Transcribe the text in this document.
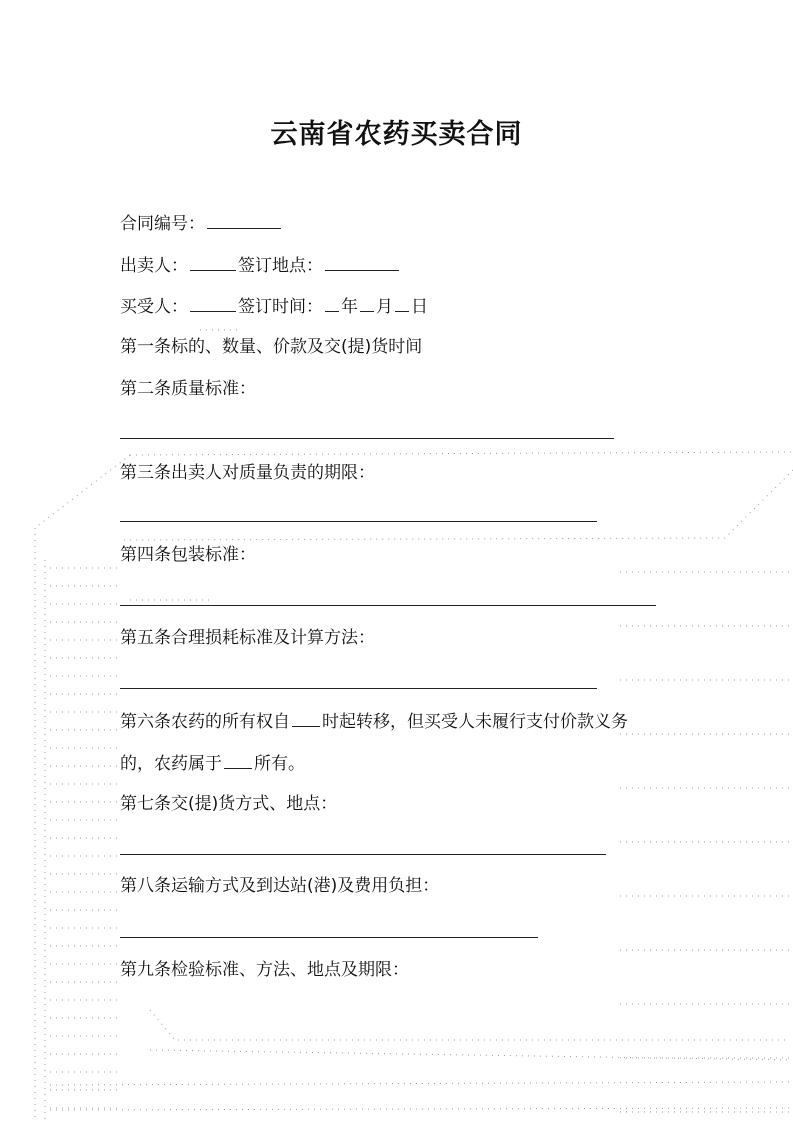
云南省农药买卖合同
合同编号：
出卖人：	签订地点：
买受人：	签订时间： 年 月 日
第一条标的、数量、价款及交(提)货时间
第二条质量标准：
第三条出卖人对质量负责的期限：
第四条包装标准：
第五条合理损耗标准及计算方法：
第六条农药的所有权自 时起转移，但买受人未履行支付价款义务
的，农药属于 所有。
第七条交(提)货方式、地点：
第八条运输方式及到达站(港)及费用负担：
第九条检验标准、方法、地点及期限：
